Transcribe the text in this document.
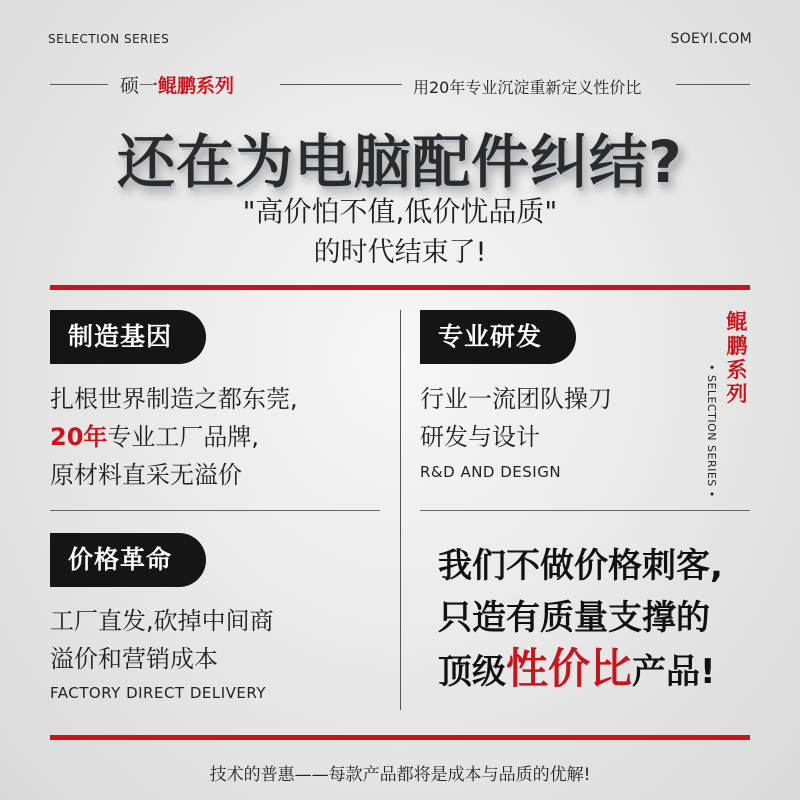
SELECTION SERIES	SOEYI.COM
硕一鲲鹏系列	用20年专业沉淀重新定义性价比
还在为电脑配件纠结?
"高价怕不值,低价忧品质"
的时代结束了!
制造基因
扎根世界制造之都东莞,
20年专业工厂品牌,
原材料直采无溢价
专业研发
行业一流团队操刀
研发与设计
R&D AND DESIGN
鲲鹏系列
• SELECTION SERIES •
价格革命
工厂直发,砍掉中间商
溢价和营销成本
FACTORY DIRECT DELIVERY
我们不做价格刺客,
只造有质量支撑的
顶级性价比产品!
技术的普惠——每款产品都将是成本与品质的优解!
